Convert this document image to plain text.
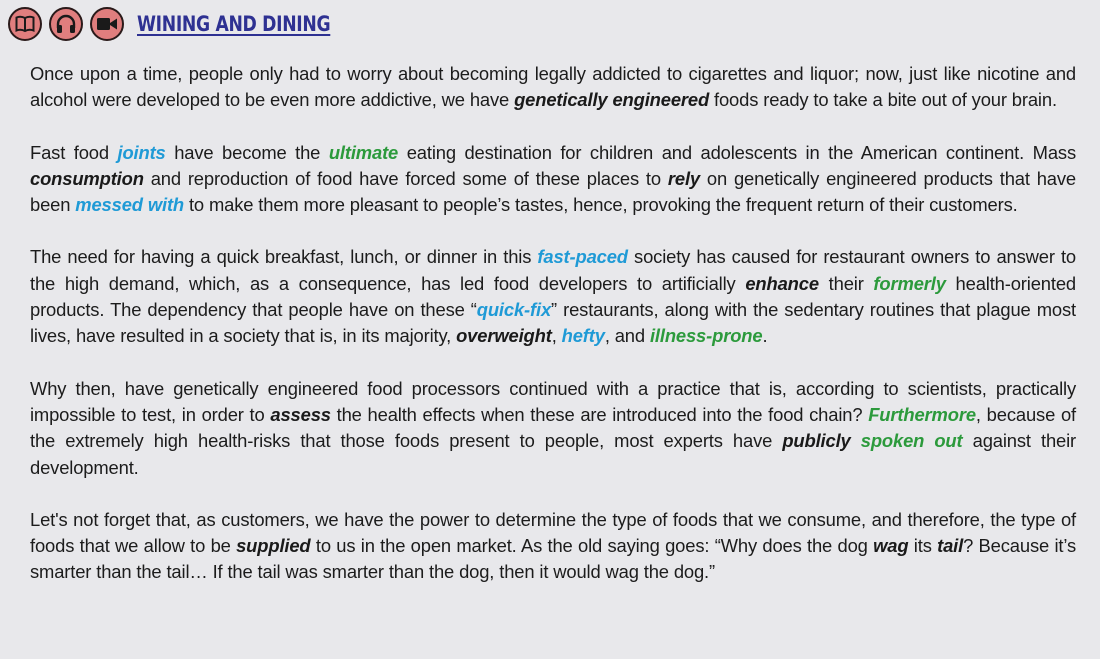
WINING AND DINING

Once upon a time, people only had to worry about becoming legally addicted to cigarettes and liquor; now, just like nicotine and alcohol were developed to be even more addictive, we have genetically engineered foods ready to take a bite out of your brain.

Fast food joints have become the ultimate eating destination for children and adolescents in the American continent. Mass consumption and reproduction of food have forced some of these places to rely on genetically engineered products that have been messed with to make them more pleasant to people’s tastes, hence, provoking the frequent return of their customers.

The need for having a quick breakfast, lunch, or dinner in this fast-paced society has caused for restaurant owners to answer to the high demand, which, as a consequence, has led food developers to artificially enhance their formerly health-oriented products. The dependency that people have on these “quick-fix” restaurants, along with the sedentary routines that plague most lives, have resulted in a society that is, in its majority, overweight, hefty, and illness-prone.

Why then, have genetically engineered food processors continued with a practice that is, according to scientists, practically impossible to test, in order to assess the health effects when these are introduced into the food chain? Furthermore, because of the extremely high health-risks that those foods present to people, most experts have publicly spoken out against their development.

Let's not forget that, as customers, we have the power to determine the type of foods that we consume, and therefore, the type of foods that we allow to be supplied to us in the open market. As the old saying goes: “Why does the dog wag its tail? Because it’s smarter than the tail… If the tail was smarter than the dog, then it would wag the dog.”
